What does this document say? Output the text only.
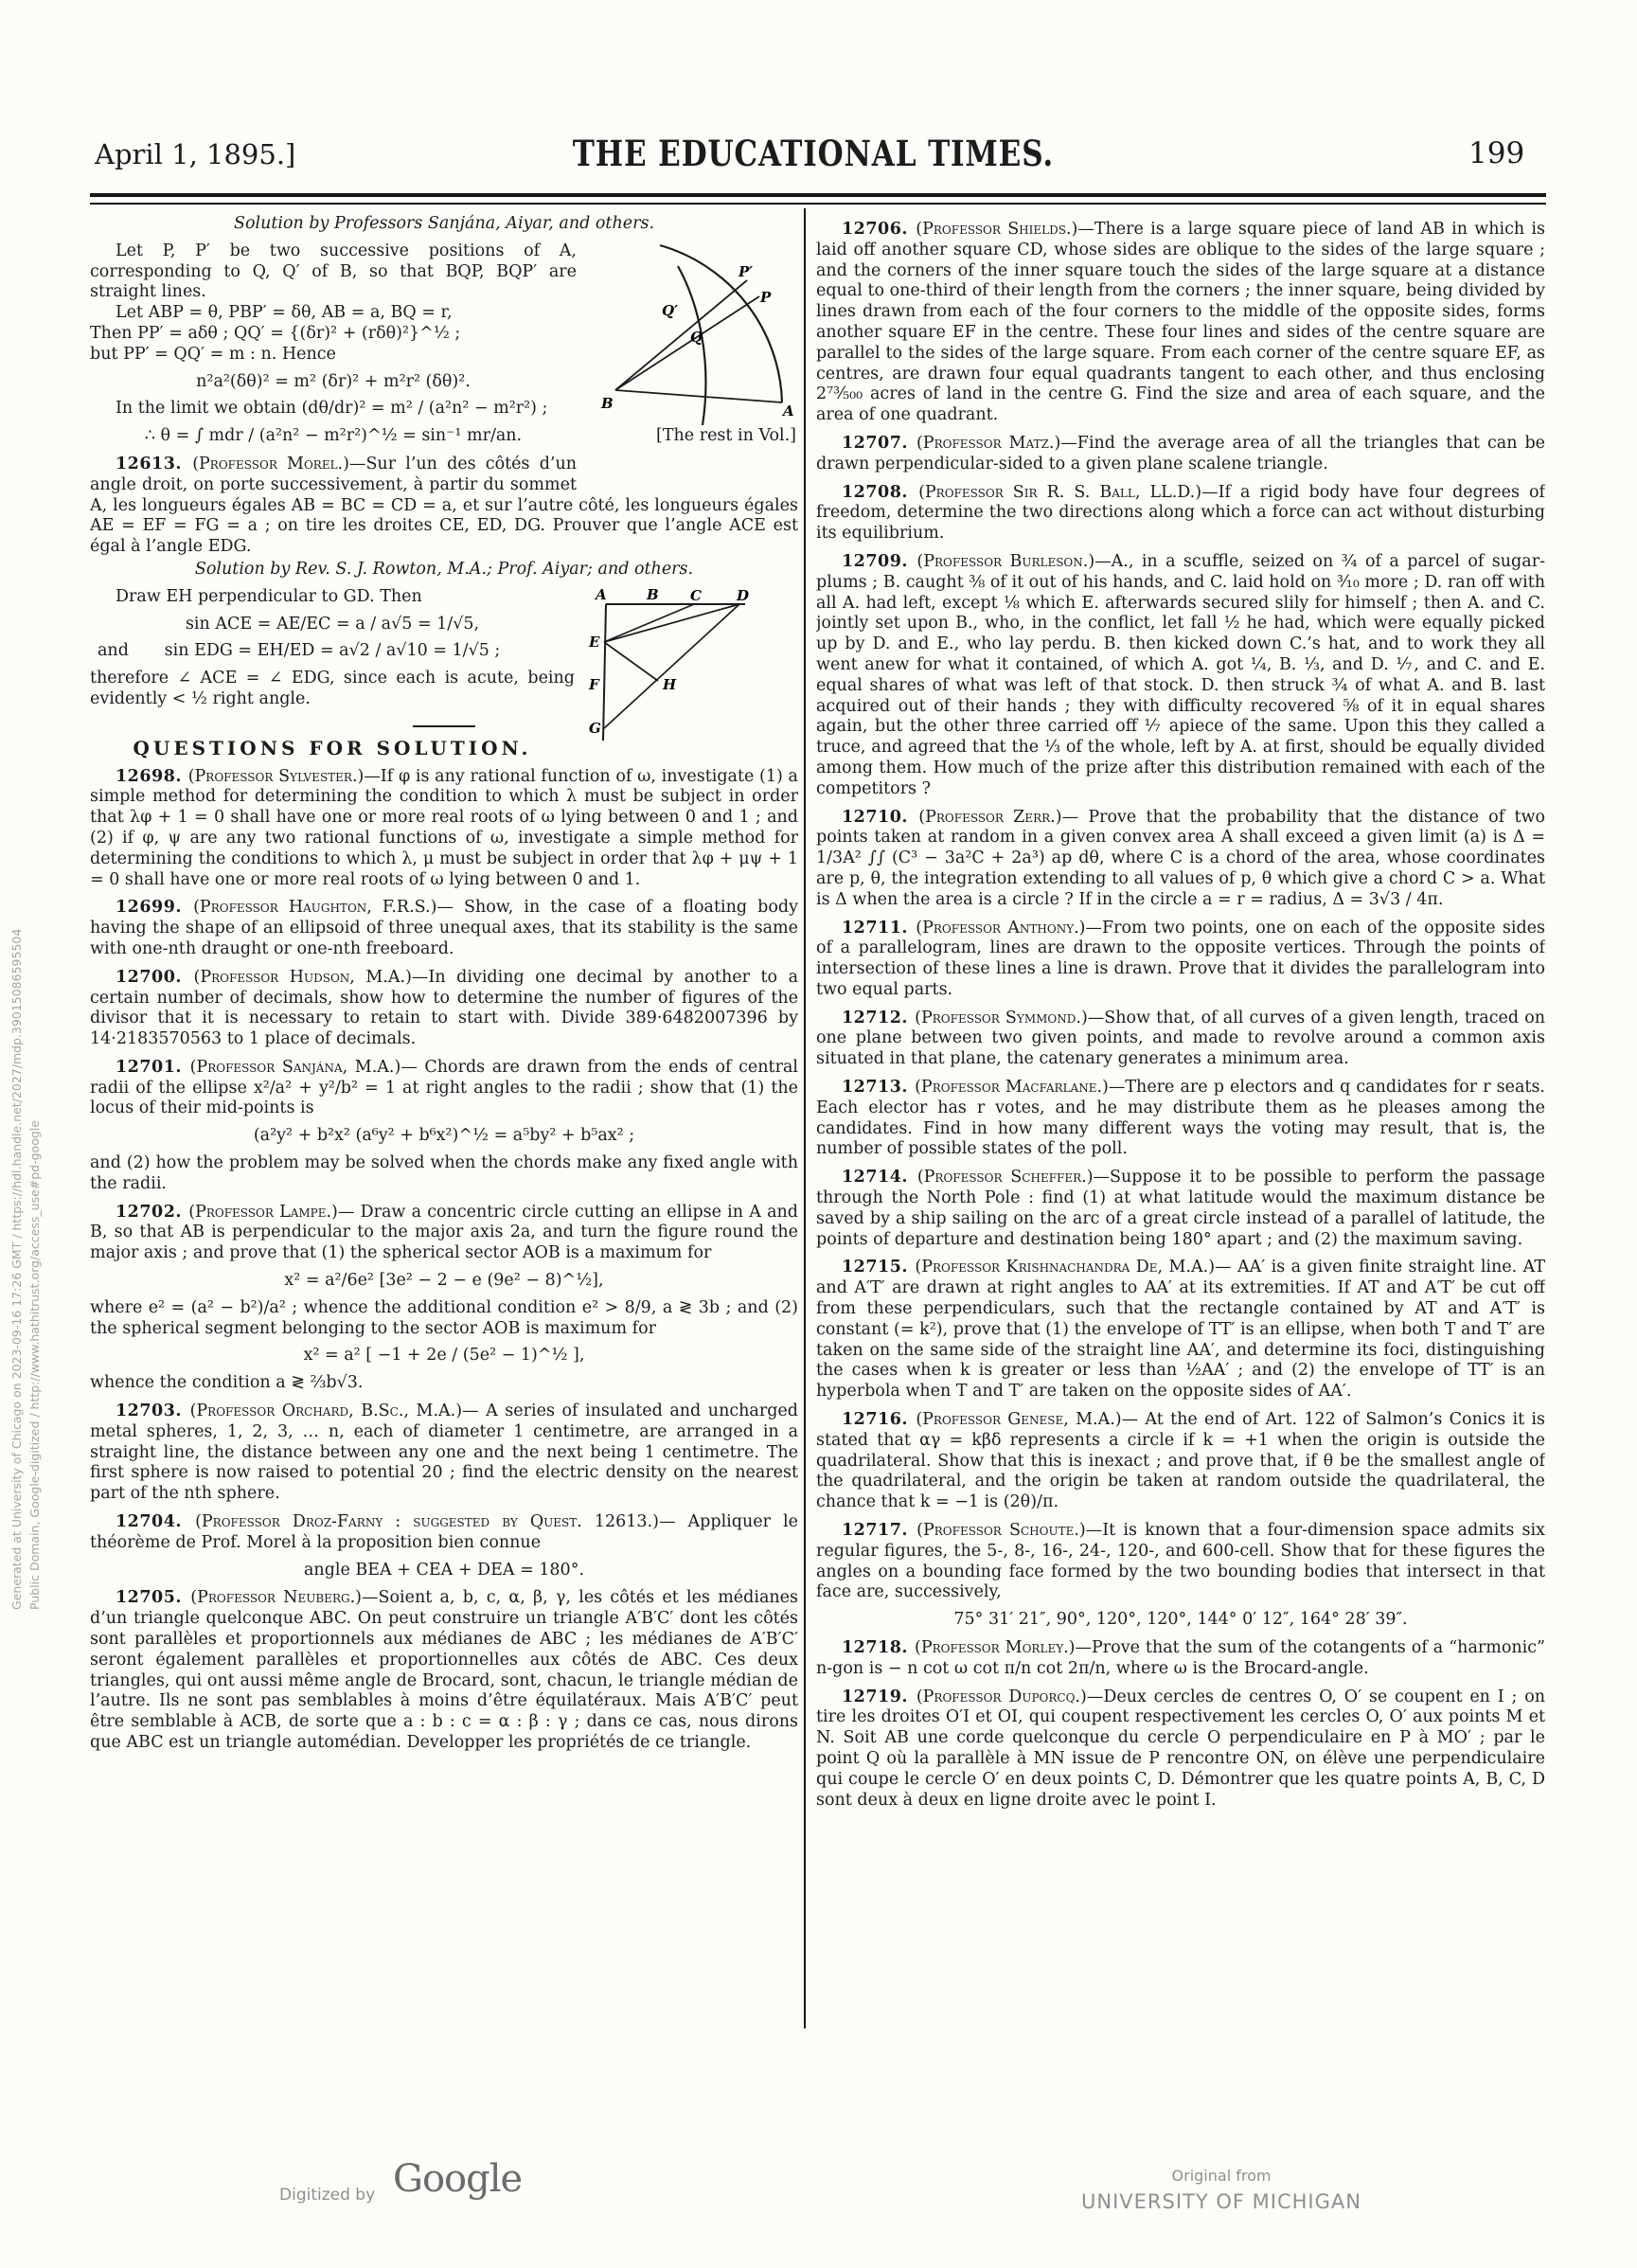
Generated at University of Chicago on 2023-09-16 17:26 GMT / https://hdl.handle.net/2027/mdp.39015086595504 Public Domain, Google-digitized / http://www.hathitrust.org/access_use#pd-google
April 1, 1895.]	THE EDUCATIONAL TIMES.	199
Solution by Professors Sanjána, Aiyar, and others.
P′
P
Q′
Q
B	A

Let P, P′ be two successive positions of A, corresponding to Q, Q′ of B, so that BQP, BQP′ are straight lines.

Let ABP = θ, PBP′ = δθ, AB = a, BQ = r,

Then PP′ = aδθ ; QQ′ = {(δr)² + (rδθ)²}^½ ;

but PP′ = QQ′ = m : n. Hence

n²a²(δθ)² = m² (δr)² + m²r² (δθ)².

In the limit we obtain (dθ/dr)² = m² / (a²n² − m²r²) ;

∴ θ = ∫ mdr / (a²n² − m²r²)^½ = sin⁻¹ mr/an.	[The rest in Vol.]

12613. (Professor Morel.)—Sur l’un des côtés d’un angle droit, on porte successivement, à partir du sommet A, les longueurs égales AB = BC = CD = a, et sur l’autre côté, les longueurs égales AE = EF = FG = a ; on tire les droites CE, ED, DG. Prouver que l’angle ACE est égal à l’angle EDG.

Solution by Rev. S. J. Rowton, M.A.; Prof. Aiyar; and others.
A	B C D
E
F
G
H

Draw EH perpendicular to GD. Then

sin ACE = AE/EC = a / a√5 = 1/√5,
and sin EDG = EH/ED = a√2 / a√10 = 1/√5 ;

therefore ∠ ACE = ∠ EDG, since each is acute, being evidently < ½ right angle.

QUESTIONS FOR SOLUTION.

12698. (Professor Sylvester.)—If φ is any rational function of ω, investigate (1) a simple method for determining the condition to which λ must be subject in order that λφ + 1 = 0 shall have one or more real roots of ω lying between 0 and 1 ; and (2) if φ, ψ are any two rational functions of ω, investigate a simple method for determining the conditions to which λ, μ must be subject in order that λφ + μψ + 1 = 0 shall have one or more real roots of ω lying between 0 and 1.

12699. (Professor Haughton, F.R.S.)— Show, in the case of a floating body having the shape of an ellipsoid of three unequal axes, that its stability is the same with one-nth draught or one-nth freeboard.

12700. (Professor Hudson, M.A.)—In dividing one decimal by another to a certain number of decimals, show how to determine the number of figures of the divisor that it is necessary to retain to start with. Divide 389·6482007396 by 14·2183570563 to 1 place of decimals.

12701. (Professor Sanjána, M.A.)— Chords are drawn from the ends of central radii of the ellipse x²/a² + y²/b² = 1 at right angles to the radii ; show that (1) the locus of their mid-points is

(a²y² + b²x² (a⁶y² + b⁶x²)^½ = a⁵by² + b⁵ax² ;

and (2) how the problem may be solved when the chords make any fixed angle with the radii.

12702. (Professor Lampe.)— Draw a concentric circle cutting an ellipse in A and B, so that AB is perpendicular to the major axis 2a, and turn the figure round the major axis ; and prove that (1) the spherical sector AOB is a maximum for

x² = a²/6e² [3e² − 2 − e (9e² − 8)^½],

where e² = (a² − b²)/a² ; whence the additional condition e² > 8/9, a ≷ 3b ; and (2) the spherical segment belonging to the sector AOB is maximum for

x² = a² [ −1 + 2e / (5e² − 1)^½ ],

whence the condition a ≷ ⅔b√3.

12703. (Professor Orchard, B.Sc., M.A.)— A series of insulated and uncharged metal spheres, 1, 2, 3, … n, each of diameter 1 centimetre, are arranged in a straight line, the distance between any one and the next being 1 centimetre. The first sphere is now raised to potential 20 ; find the electric density on the nearest part of the nth sphere.

12704. (Professor Droz-Farny : suggested by Quest. 12613.)— Appliquer le théorème de Prof. Morel à la proposition bien connue

angle BEA + CEA + DEA = 180°.

12705. (Professor Neuberg.)—Soient a, b, c, α, β, γ, les côtés et les médianes d’un triangle quelconque ABC. On peut construire un triangle A′B′C′ dont les côtés sont parallèles et proportionnels aux médianes de ABC ; les médianes de A′B′C′ seront également parallèles et proportionnelles aux côtés de ABC. Ces deux triangles, qui ont aussi même angle de Brocard, sont, chacun, le triangle médian de l’autre. Ils ne sont pas semblables à moins d’être équilatéraux. Mais A′B′C′ peut être semblable à ACB, de sorte que a : b : c = α : β : γ ; dans ce cas, nous dirons que ABC est un triangle automédian. Developper les propriétés de ce triangle.

12706. (Professor Shields.)—There is a large square piece of land AB in which is laid off another square CD, whose sides are oblique to the sides of the large square ; and the corners of the inner square touch the sides of the large square at a distance equal to one-third of their length from the corners ; the inner square, being divided by lines drawn from each of the four corners to the middle of the opposite sides, forms another square EF in the centre. These four lines and sides of the centre square are parallel to the sides of the large square. From each corner of the centre square EF, as centres, are drawn four equal quadrants tangent to each other, and thus enclosing 2⁷³⁄₅₀₀ acres of land in the centre G. Find the size and area of each square, and the area of one quadrant.

12707. (Professor Matz.)—Find the average area of all the triangles that can be drawn perpendicular-sided to a given plane scalene triangle.

12708. (Professor Sir R. S. Ball, LL.D.)—If a rigid body have four degrees of freedom, determine the two directions along which a force can act without disturbing its equilibrium.

12709. (Professor Burleson.)—A., in a scuffle, seized on ¾ of a parcel of sugar-plums ; B. caught ⅜ of it out of his hands, and C. laid hold on ³⁄₁₀ more ; D. ran off with all A. had left, except ⅛ which E. afterwards secured slily for himself ; then A. and C. jointly set upon B., who, in the conflict, let fall ½ he had, which were equally picked up by D. and E., who lay perdu. B. then kicked down C.’s hat, and to work they all went anew for what it contained, of which A. got ¼, B. ⅓, and D. ⅐, and C. and E. equal shares of what was left of that stock. D. then struck ¾ of what A. and B. last acquired out of their hands ; they with difficulty recovered ⅝ of it in equal shares again, but the other three carried off ⅐ apiece of the same. Upon this they called a truce, and agreed that the ⅓ of the whole, left by A. at first, should be equally divided among them. How much of the prize after this distribution remained with each of the competitors ?

12710. (Professor Zerr.)— Prove that the probability that the distance of two points taken at random in a given convex area A shall exceed a given limit (a) is Δ = 1/3A² ∫∫ (C³ − 3a²C + 2a³) ap dθ, where C is a chord of the area, whose coordinates are p, θ, the integration extending to all values of p, θ which give a chord C > a. What is Δ when the area is a circle ? If in the circle a = r = radius, Δ = 3√3 / 4π.

12711. (Professor Anthony.)—From two points, one on each of the opposite sides of a parallelogram, lines are drawn to the opposite vertices. Through the points of intersection of these lines a line is drawn. Prove that it divides the parallelogram into two equal parts.

12712. (Professor Symmond.)—Show that, of all curves of a given length, traced on one plane between two given points, and made to revolve around a common axis situated in that plane, the catenary generates a minimum area.

12713. (Professor Macfarlane.)—There are p electors and q candidates for r seats. Each elector has r votes, and he may distribute them as he pleases among the candidates. Find in how many different ways the voting may result, that is, the number of possible states of the poll.

12714. (Professor Scheffer.)—Suppose it to be possible to perform the passage through the North Pole : find (1) at what latitude would the maximum distance be saved by a ship sailing on the arc of a great circle instead of a parallel of latitude, the points of departure and destination being 180° apart ; and (2) the maximum saving.

12715. (Professor Krishnachandra De, M.A.)— AA′ is a given finite straight line. AT and A′T′ are drawn at right angles to AA′ at its extremities. If AT and A′T′ be cut off from these perpendiculars, such that the rectangle contained by AT and A′T′ is constant (= k²), prove that (1) the envelope of TT′ is an ellipse, when both T and T′ are taken on the same side of the straight line AA′, and determine its foci, distinguishing the cases when k is greater or less than ½AA′ ; and (2) the envelope of TT′ is an hyperbola when T and T′ are taken on the opposite sides of AA′.

12716. (Professor Genese, M.A.)— At the end of Art. 122 of Salmon’s Conics it is stated that αγ = kβδ represents a circle if k = +1 when the origin is outside the quadrilateral. Show that this is inexact ; and prove that, if θ be the smallest angle of the quadrilateral, and the origin be taken at random outside the quadrilateral, the chance that k = −1 is (2θ)/π.

12717. (Professor Schoute.)—It is known that a four-dimension space admits six regular figures, the 5-, 8-, 16-, 24-, 120-, and 600-cell. Show that for these figures the angles on a bounding face formed by the two bounding bodies that intersect in that face are, successively,

75° 31′ 21″, 90°, 120°, 120°, 144° 0′ 12″, 164° 28′ 39″.

12718. (Professor Morley.)—Prove that the sum of the cotangents of a “harmonic” n-gon is − n cot ω cot π/n cot 2π/n, where ω is the Brocard-angle.

12719. (Professor Duporcq.)—Deux cercles de centres O, O′ se coupent en I ; on tire les droites O′I et OI, qui coupent respectivement les cercles O, O′ aux points M et N. Soit AB une corde quelconque du cercle O perpendiculaire en P à MO′ ; par le point Q où la parallèle à MN issue de P rencontre ON, on élève une perpendiculaire qui coupe le cercle O′ en deux points C, D. Démontrer que les quatre points A, B, C, D sont deux à deux en ligne droite avec le point I.

Digitized by Google	Original from
UNIVERSITY OF MICHIGAN
